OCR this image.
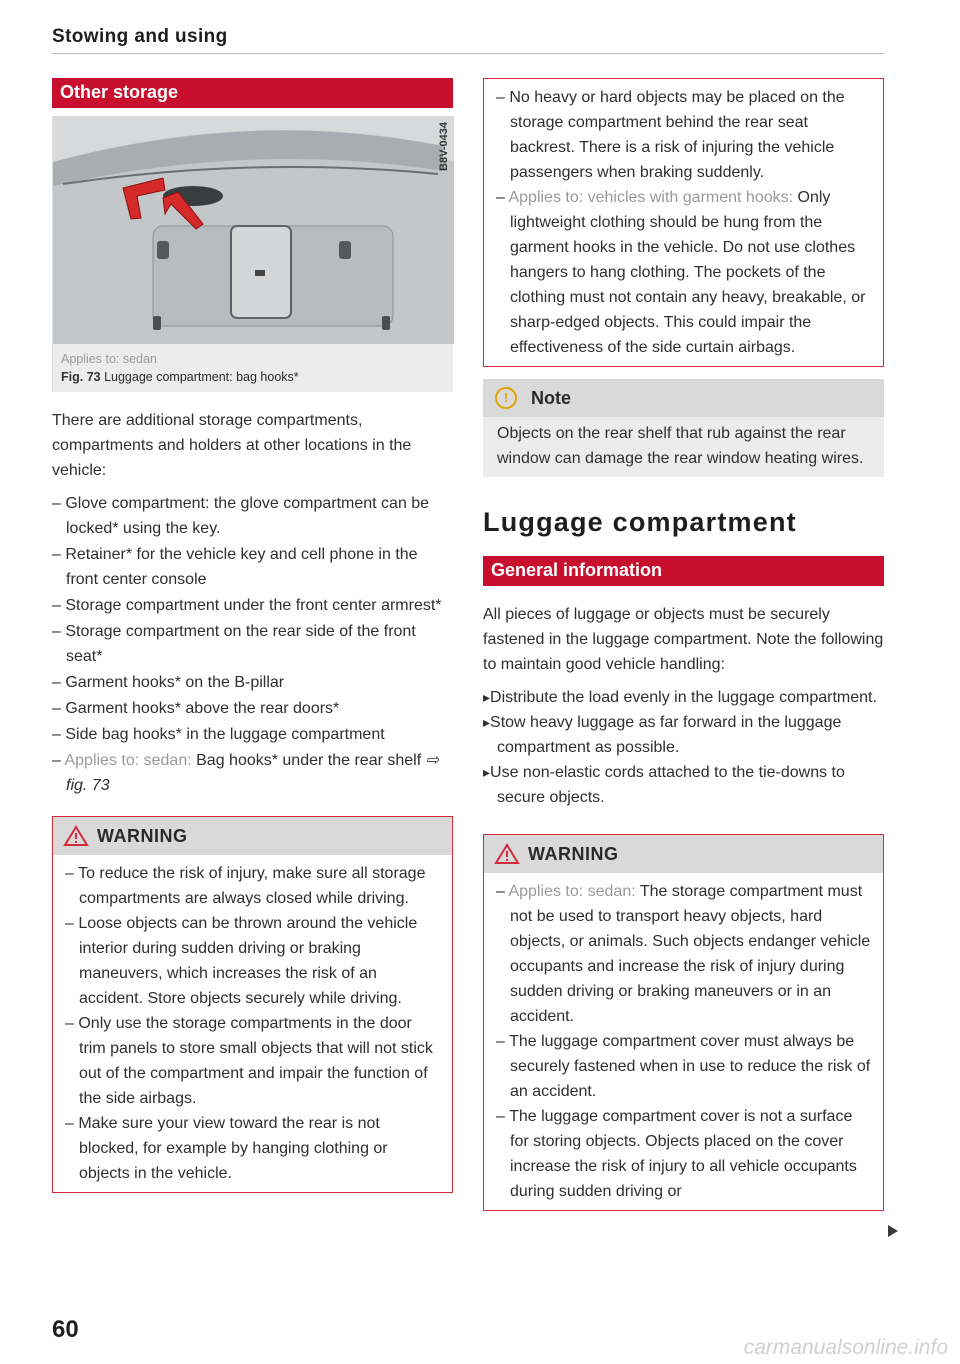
Stowing and using
Other storage
B8V-0434
Applies to: sedan
Fig. 73 Luggage compartment: bag hooks*

There are additional storage compartments, compartments and holders at other locations in the vehicle:

– Glove compartment: the glove compartment can be locked* using the key.
– Retainer* for the vehicle key and cell phone in the front center console
– Storage compartment under the front center armrest*
– Storage compartment on the rear side of the front seat*
– Garment hooks* on the B-pillar
– Garment hooks* above the rear doors*
– Side bag hooks* in the luggage compartment
– Applies to: sedan: Bag hooks* under the rear shelf ⇨ fig. 73
WARNING
– To reduce the risk of injury, make sure all storage compartments are always closed while driving.
– Loose objects can be thrown around the vehicle interior during sudden driving or braking maneuvers, which increases the risk of an accident. Store objects securely while driving.
– Only use the storage compartments in the door trim panels to store small objects that will not stick out of the compartment and impair the function of the side airbags.
– Make sure your view toward the rear is not blocked, for example by hanging clothing or objects in the vehicle.
– No heavy or hard objects may be placed on the storage compartment behind the rear seat backrest. There is a risk of injuring the vehicle passengers when braking suddenly.
– Applies to: vehicles with garment hooks: Only lightweight clothing should be hung from the garment hooks in the vehicle. Do not use clothes hangers to hang clothing. The pockets of the clothing must not contain any heavy, breakable, or sharp-edged objects. This could impair the effectiveness of the side curtain airbags.
!	Note
Objects on the rear shelf that rub against the rear window can damage the rear window heating wires.
Luggage compartment
General information

All pieces of luggage or objects must be securely fastened in the luggage compartment. Note the following to maintain good vehicle handling:

▸ Distribute the load evenly in the luggage compartment.
▸ Stow heavy luggage as far forward in the luggage compartment as possible.
▸ Use non-elastic cords attached to the tie-downs to secure objects.
WARNING
– Applies to: sedan: The storage compartment must not be used to transport heavy objects, hard objects, or animals. Such objects endanger vehicle occupants and increase the risk of injury during sudden driving or braking maneuvers or in an accident.
– The luggage compartment cover must always be securely fastened when in use to reduce the risk of an accident.
– The luggage compartment cover is not a surface for storing objects. Objects placed on the cover increase the risk of injury to all vehicle occupants during sudden driving or
60
carmanualsonline.info
